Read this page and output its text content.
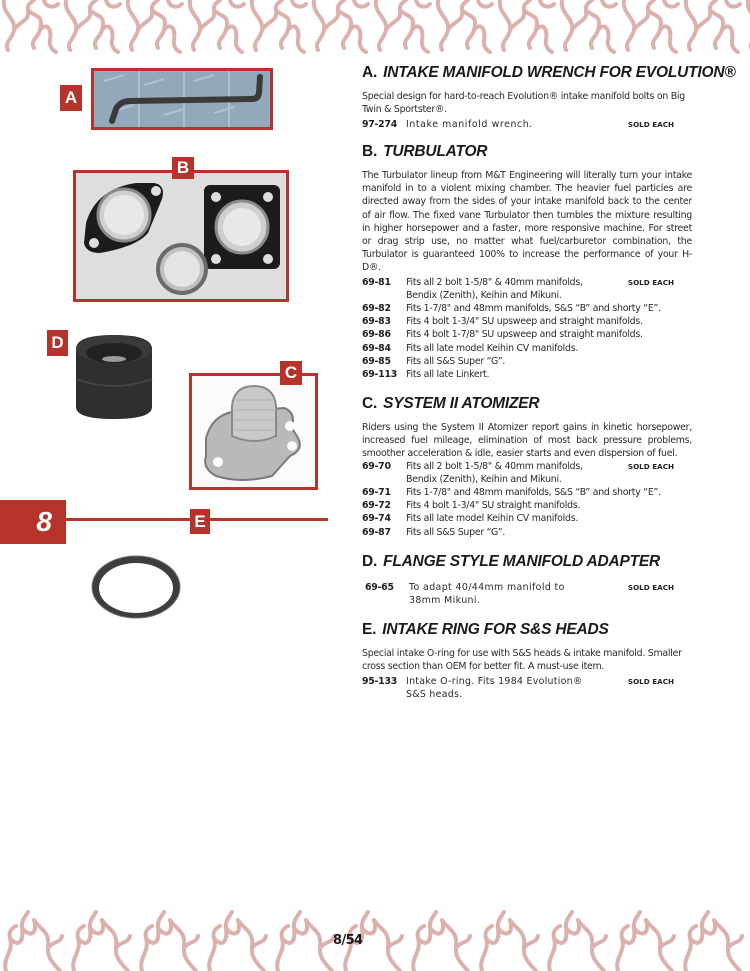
A
B
D
C
8	E
A. INTAKE MANIFOLD WRENCH FOR EVOLUTION®

Special design for hard-to-reach Evolution® intake manifold bolts on Big Twin & Sportster®.

97-274 Intake manifold wrench.	SOLD EACH
B. TURBULATOR

The Turbulator lineup from M&T Engineering will literally turn your intake manifold in to a violent mixing chamber. The heavier fuel particles are directed away from the sides of your intake manifold back to the center of air flow. The fixed vane Turbulator then tumbles the mixture resulting in higher horsepower and a faster, more responsive machine. For street or drag strip use, no matter what fuel/carburetor combination, the Turbulator is guaranteed 100% to increase the performance of your H-D®.

69-81	Fits all 2 bolt 1-5/8" & 40mm manifolds, Bendix (Zenith), Keihin and Mikuni.
SOLD EACH
69-82	Fits 1-7/8" and 48mm manifolds, S&S “B” and shorty “E”.
69-83	Fits 4 bolt 1-3/4" SU upsweep and straight manifolds.
69-86	Fits 4 bolt 1-7/8" SU upsweep and straight manifolds.
69-84	Fits all late model Keihin CV manifolds.
69-85	Fits all S&S Super “G”.
69-113 Fits all late Linkert.
C. SYSTEM II ATOMIZER

Riders using the System II Atomizer report gains in kinetic horsepower, increased fuel mileage, elimination of most back pressure problems, smoother acceleration & idle, easier starts and even dispersion of fuel.

69-70	Fits all 2 bolt 1-5/8" & 40mm manifolds, Bendix (Zenith), Keihin and Mikuni.
SOLD EACH
69-71	Fits 1-7/8" and 48mm manifolds, S&S “B” and shorty “E”.
69-72	Fits 4 bolt 1-3/4" SU straight manifolds.
69-74	Fits all late model Keihin CV manifolds.
69-87	Fits all S&S Super “G”.
D. FLANGE STYLE MANIFOLD ADAPTER
69-65	To adapt 40/44mm manifold to 38mm Mikuni.
SOLD EACH
E. INTAKE RING FOR S&S HEADS

Special intake O-ring for use with S&S heads & intake manifold. Smaller cross section than OEM for better fit. A must-use item.

95-133 Intake O-ring. Fits 1984 Evolution® S&S heads.
SOLD EACH
8/54
